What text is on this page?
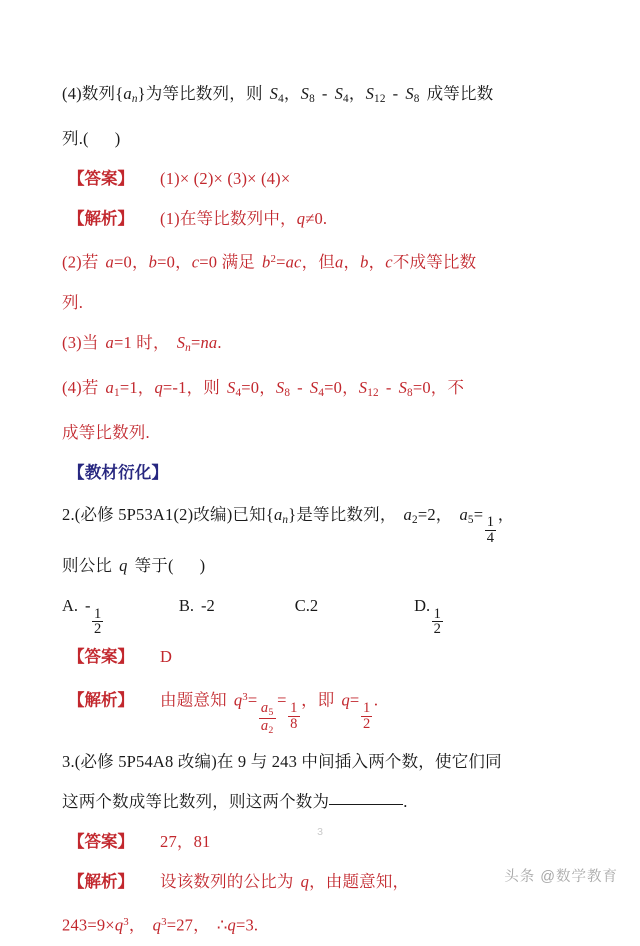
(4)数列$\{a_n\}$为等比数列，则 S4，S8 - S4，S12 - S8 成等比数
列.( )
【答案】 (1)× (2)× (3)× (4)×
【解析】 (1)在等比数列中，q≠0.
(2)若 a=0，b=0，c=0 满足 $b^2=ac$，但a，b，c不成等比数
列.
(3)当 a=1 时， $S_n=na$.
(4)若 a1=1，q=-1，则 S4=0，S8 - S4=0，S12 - S8=0，不
成等比数列.
【教材衍化】
2.(必修 5P53A1(2)改编)已知$\{a_n\}$是等比数列， a2=2， a5=
$\frac{1}{4}$
，
则公比 q 等于( )
A. -
$\frac{1}{2}$
B. -2	C.2	D.
$\frac{1}{2}$
【答案】 D
【解析】 由题意知 $q^3=$
$\frac{a5}{a2}$
=
$\frac{1}{8}$
，即 q=
$\frac{1}{2}$
.
3.(必修 5P54A8 改编)在 9 与 243 中间插入两个数，使它们同
这两个数成等比数列，则这两个数为	.
【答案】 27，81
【解析】 设该数列的公比为 q，由题意知，
$243=9\times q^3$， $q^3=27$， ∴q=3.
3
头条 @数学教育
